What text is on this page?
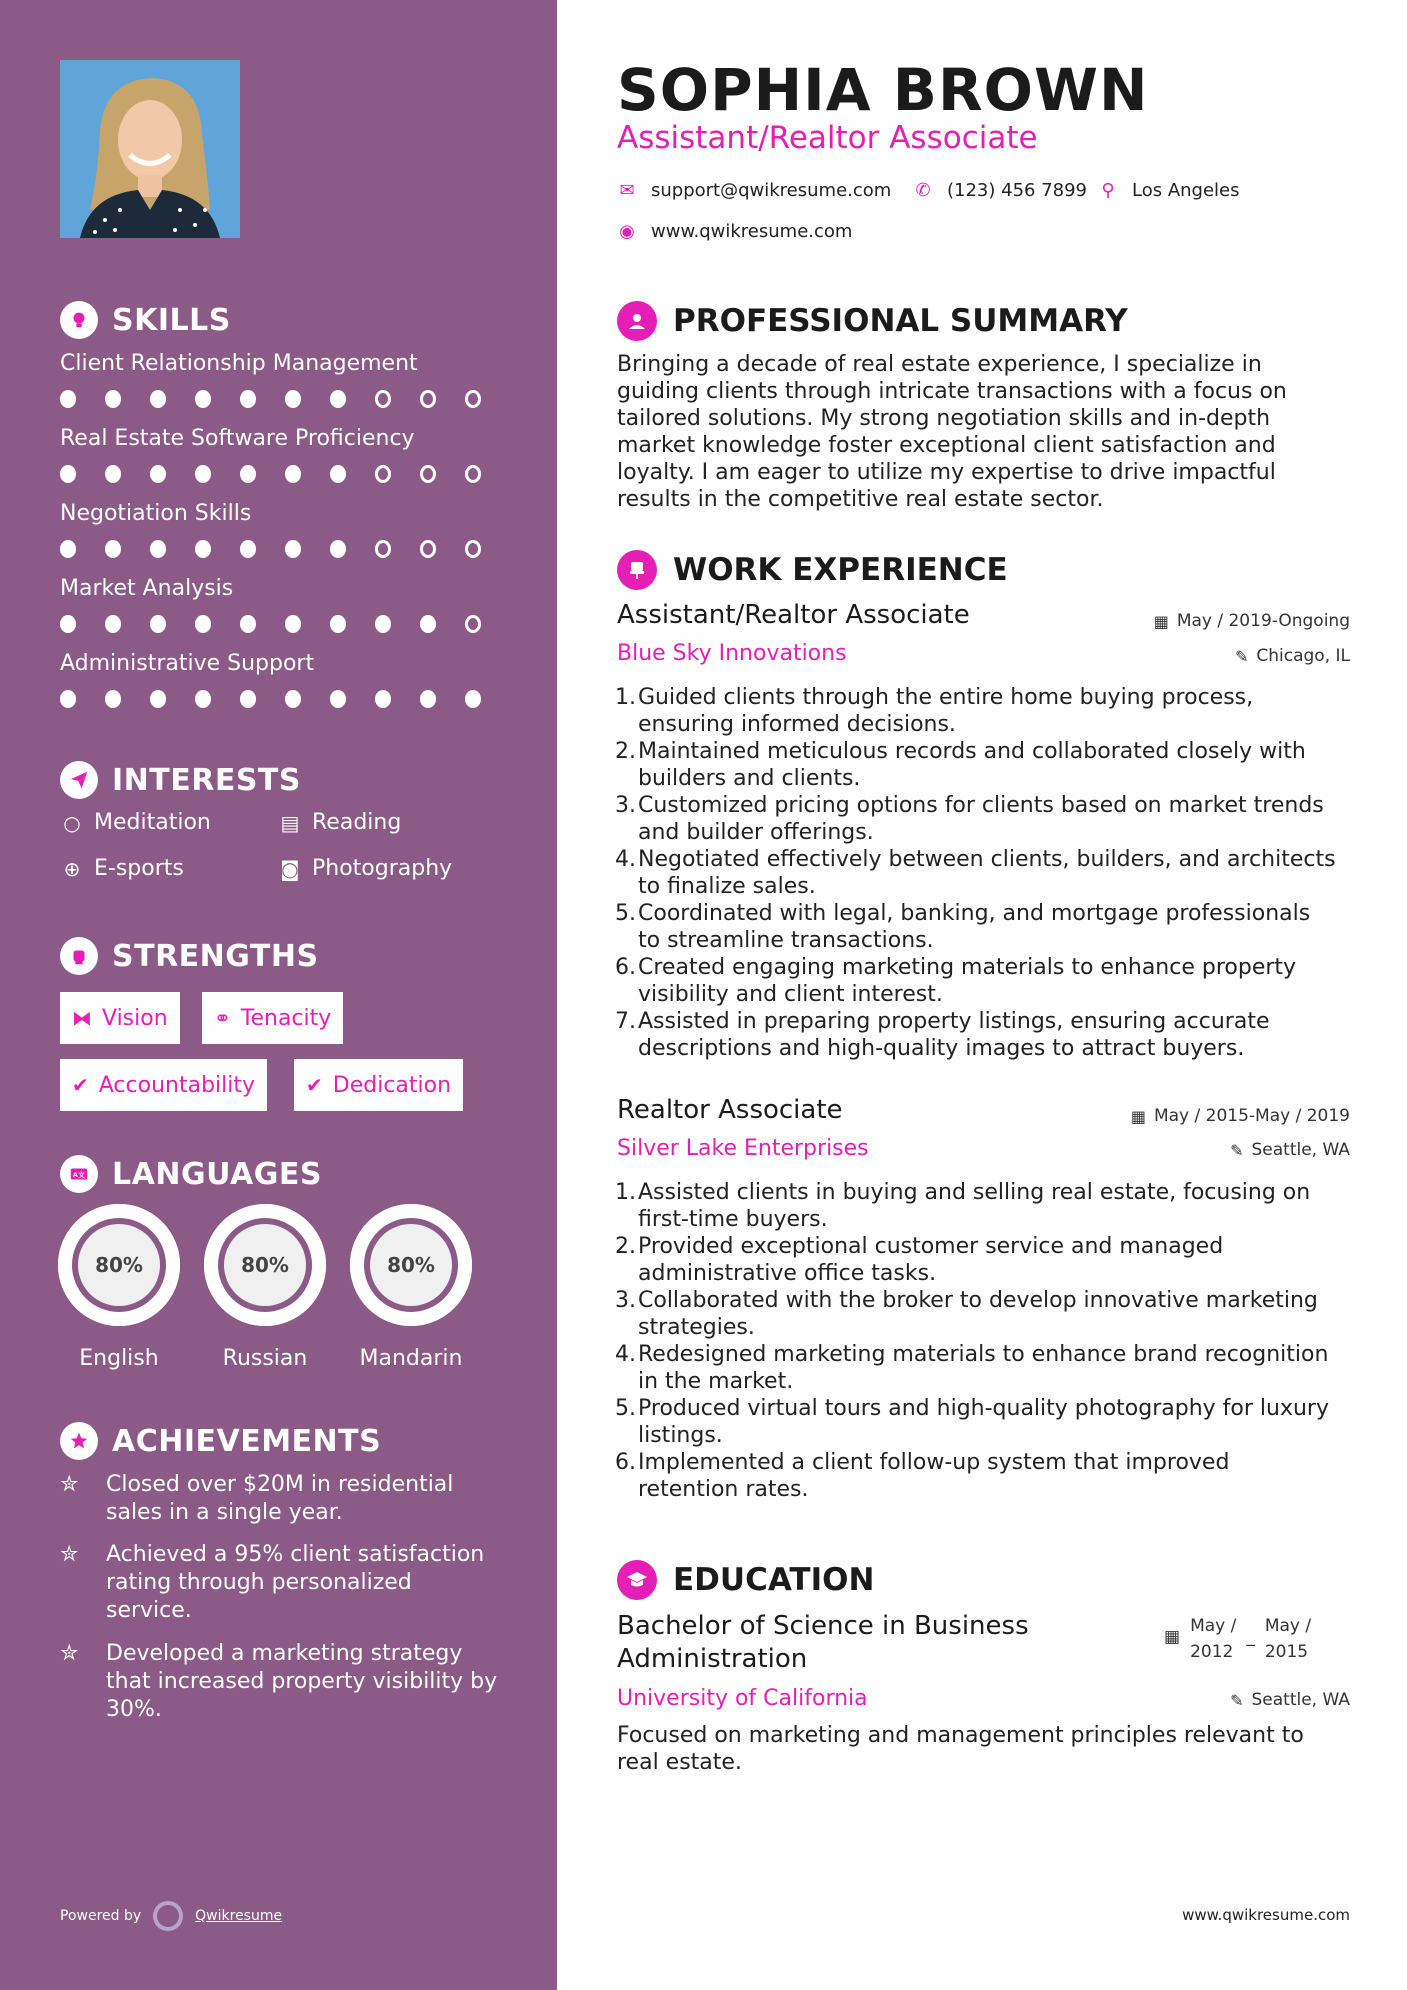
SKILLS
Client Relationship Management
Real Estate Software Proficiency
Negotiation Skills
Market Analysis
Administrative Support
INTERESTS
○ Meditation	▤ Reading
⊕ E-sports	◙ Photography
STRENGTHS
⧓ Vision ⚭ Tenacity
✔ Accountability	✔ Dedication
A文 LANGUAGES
80%
English
80%
Russian
80%
Mandarin
ACHIEVEMENTS
✮	Closed over $20M in residential sales in a single year.
✮	Achieved a 95% client satisfaction rating through personalized service.
✮	Developed a marketing strategy that increased property visibility by 30%.
Powered by	Qwikresume
SOPHIA BROWN
Assistant/Realtor Associate
✉ support@qwikresume.com ✆ (123) 456 7899 ⚲ Los Angeles
◉ www.qwikresume.com
PROFESSIONAL SUMMARY
Bringing a decade of real estate experience, I specialize in
guiding clients through intricate transactions with a focus on
tailored solutions. My strong negotiation skills and in-depth
market knowledge foster exceptional client satisfaction and
loyalty. I am eager to utilize my expertise to drive impactful
results in the competitive real estate sector.
WORK EXPERIENCE
Assistant/Realtor Associate	▦ May / 2019-Ongoing
Blue Sky Innovations	✎ Chicago, IL
1. Guided clients through the entire home buying process,
ensuring informed decisions.
2. Maintained meticulous records and collaborated closely with
builders and clients.
3. Customized pricing options for clients based on market trends
and builder offerings.
4. Negotiated effectively between clients, builders, and architects
to finalize sales.
5. Coordinated with legal, banking, and mortgage professionals
to streamline transactions.
6. Created engaging marketing materials to enhance property
visibility and client interest.
7. Assisted in preparing property listings, ensuring accurate
descriptions and high-quality images to attract buyers.
Realtor Associate	▦ May / 2015-May / 2019
Silver Lake Enterprises	✎ Seattle, WA
1. Assisted clients in buying and selling real estate, focusing on
first-time buyers.
2. Provided exceptional customer service and managed
administrative office tasks.
3. Collaborated with the broker to develop innovative marketing
strategies.
4. Redesigned marketing materials to enhance brand recognition
in the market.
5. Produced virtual tours and high-quality photography for luxury
listings.
6. Implemented a client follow-up system that improved
retention rates.
EDUCATION
Bachelor of Science in Business
Administration
▦
May /
2012
_
May /
2015
University of California	✎ Seattle, WA
Focused on marketing and management principles relevant to
real estate.
www.qwikresume.com
